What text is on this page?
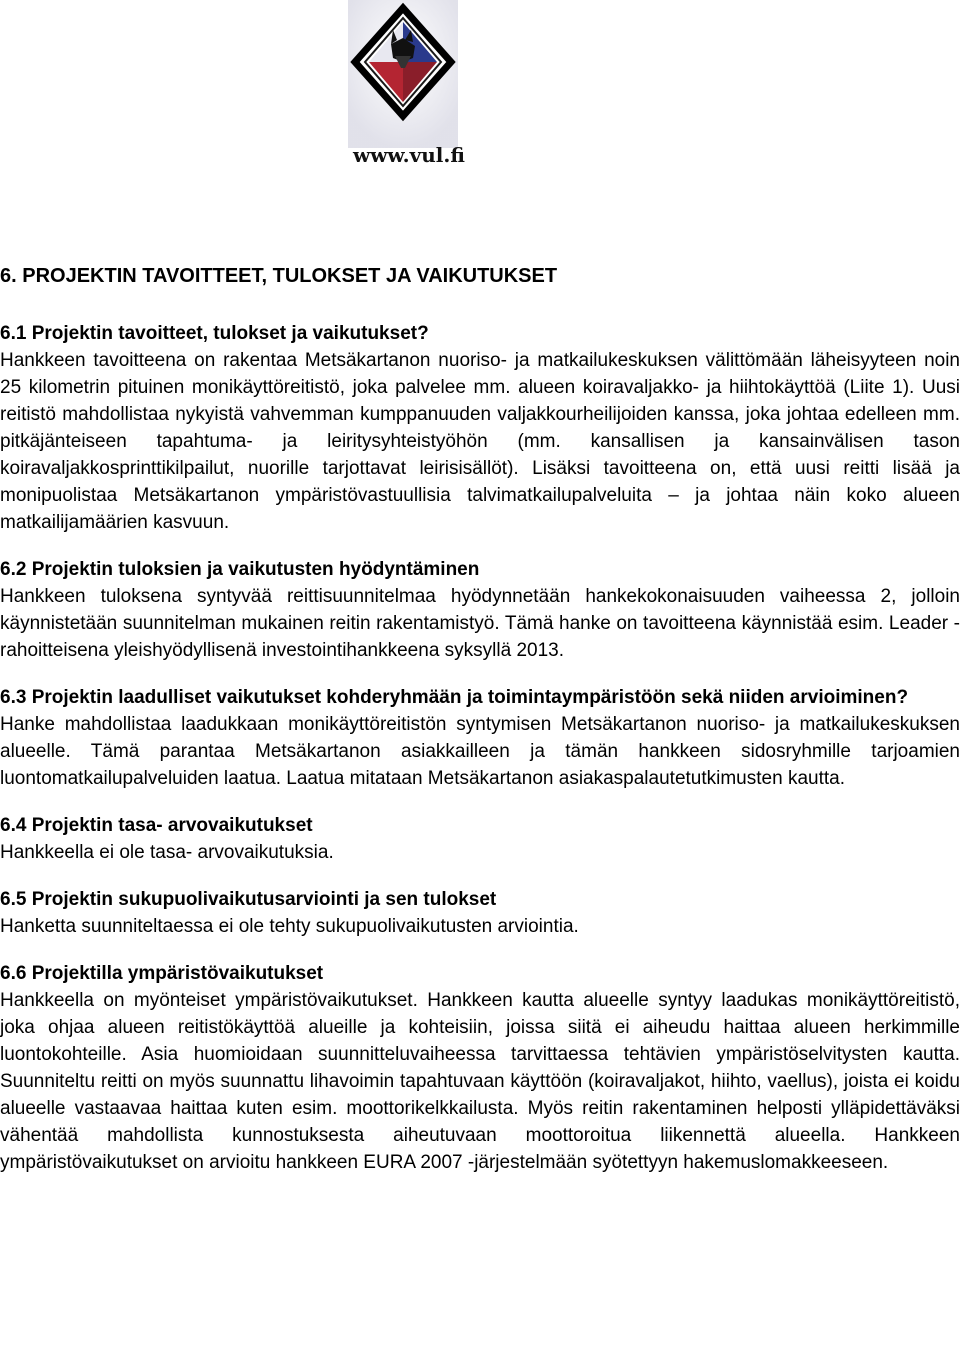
www.vul.fi
6. PROJEKTIN TAVOITTEET, TULOKSET JA VAIKUTUKSET
6.1 Projektin tavoitteet, tulokset ja vaikutukset?

Hankkeen tavoitteena on rakentaa Metsäkartanon nuoriso- ja matkailukeskuksen välittömään läheisyyteen noin 25 kilometrin pituinen monikäyttöreitistö, joka palvelee mm. alueen koiravaljakko- ja hiihtokäyttöä (Liite 1). Uusi reitistö mahdollistaa nykyistä vahvemman kumppanuuden valjakkourheilijoiden kanssa, joka johtaa edelleen mm. pitkäjänteiseen tapahtuma- ja leiritysyhteistyöhön (mm. kansallisen ja kansainvälisen tason koiravaljakkosprinttikilpailut, nuorille tarjottavat leirisisällöt). Lisäksi tavoitteena on, että uusi reitti lisää ja monipuolistaa Metsäkartanon ympäristövastuullisia talvimatkailupalveluita – ja johtaa näin koko alueen matkailijamäärien kasvuun.

6.2 Projektin tuloksien ja vaikutusten hyödyntäminen

Hankkeen tuloksena syntyvää reittisuunnitelmaa hyödynnetään hankekokonaisuuden vaiheessa 2, jolloin käynnistetään suunnitelman mukainen reitin rakentamistyö. Tämä hanke on tavoitteena käynnistää esim. Leader -rahoitteisena yleishyödyllisenä investointihankkeena syksyllä 2013.

6.3 Projektin laadulliset vaikutukset kohderyhmään ja toimintaympäristöön sekä niiden arvioiminen?

Hanke mahdollistaa laadukkaan monikäyttöreitistön syntymisen Metsäkartanon nuoriso- ja matkailukeskuksen alueelle. Tämä parantaa Metsäkartanon asiakkailleen ja tämän hankkeen sidosryhmille tarjoamien luontomatkailupalveluiden laatua. Laatua mitataan Metsäkartanon asiakaspalautetutkimusten kautta.

6.4 Projektin tasa- arvovaikutukset

Hankkeella ei ole tasa- arvovaikutuksia.

6.5 Projektin sukupuolivaikutusarviointi ja sen tulokset

Hanketta suunniteltaessa ei ole tehty sukupuolivaikutusten arviointia.

6.6 Projektilla ympäristövaikutukset

Hankkeella on myönteiset ympäristövaikutukset. Hankkeen kautta alueelle syntyy laadukas monikäyttöreitistö, joka ohjaa alueen reitistökäyttöä alueille ja kohteisiin, joissa siitä ei aiheudu haittaa alueen herkimmille luontokohteille. Asia huomioidaan suunnitteluvaiheessa tarvittaessa tehtävien ympäristöselvitysten kautta. Suunniteltu reitti on myös suunnattu lihavoimin tapahtuvaan käyttöön (koiravaljakot, hiihto, vaellus), joista ei koidu alueelle vastaavaa haittaa kuten esim. moottorikelkkailusta. Myös reitin rakentaminen helposti ylläpidettäväksi vähentää mahdollista kunnostuksesta aiheutuvaan moottoroitua liikennettä alueella. Hankkeen ympäristövaikutukset on arvioitu hankkeen EURA 2007 -järjestelmään syötettyyn hakemuslomakkeeseen.
